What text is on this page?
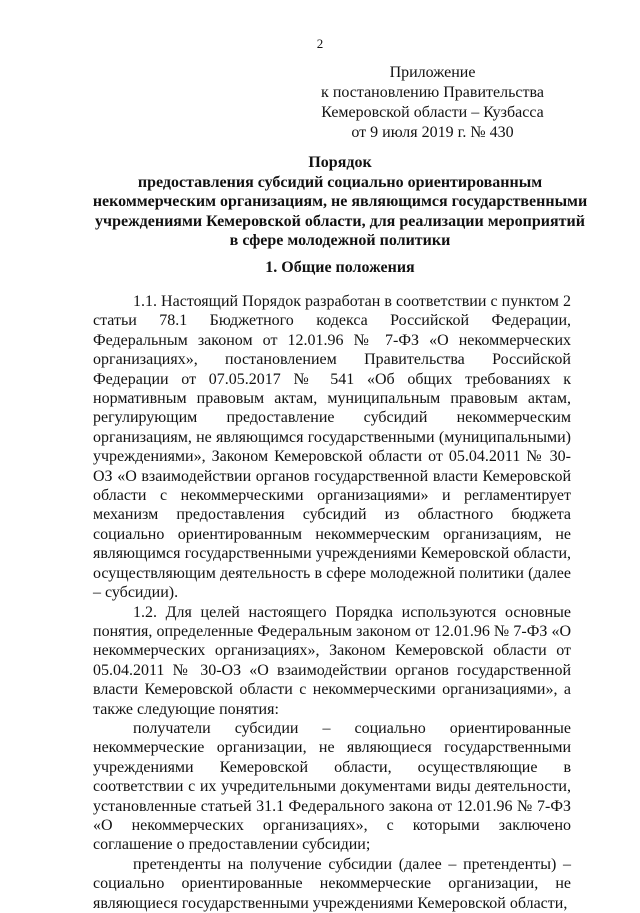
2
Приложение
к постановлению Правительства
Кемеровской области – Кузбасса
от 9 июля 2019 г. № 430
Порядок
предоставления субсидий социально ориентированным
некоммерческим организациям, не являющимся государственными
учреждениями Кемеровской области, для реализации мероприятий
в сфере молодежной политики
1. Общие положения

1.1. Настоящий Порядок разработан в соответствии с пунктом 2 статьи 78.1 Бюджетного кодекса Российской Федерации, Федеральным законом от 12.01.96 № 7-ФЗ «О некоммерческих организациях», постановлением Правительства Российской Федерации от 07.05.2017 № 541 «Об общих требованиях к нормативным правовым актам, муниципальным правовым актам, регулирующим предоставление субсидий некоммерческим организациям, не являющимся государственными (муниципальными) учреждениями», Законом Кемеровской области от 05.04.2011 № 30-ОЗ «О взаимодействии органов государственной власти Кемеровской области с некоммерческими организациями» и регламентирует механизм предоставления субсидий из областного бюджета социально ориентированным некоммерческим организациям, не являющимся государственными учреждениями Кемеровской области, осуществляющим деятельность в сфере молодежной политики (далее – субсидии).

1.2. Для целей настоящего Порядка используются основные понятия, определенные Федеральным законом от 12.01.96 № 7-ФЗ «О некоммерческих организациях», Законом Кемеровской области от 05.04.2011 № 30-ОЗ «О взаимодействии органов государственной власти Кемеровской области с некоммерческими организациями», а также следующие понятия:

получатели субсидии – социально ориентированные некоммерческие организации, не являющиеся государственными учреждениями Кемеровской области, осуществляющие в соответствии с их учредительными документами виды деятельности, установленные статьей 31.1 Федерального закона от 12.01.96 № 7-ФЗ «О некоммерческих организациях», с которыми заключено соглашение о предоставлении субсидии;

претенденты на получение субсидии (далее – претенденты) – социально ориентированные некоммерческие организации, не являющиеся государственными учреждениями Кемеровской области,
